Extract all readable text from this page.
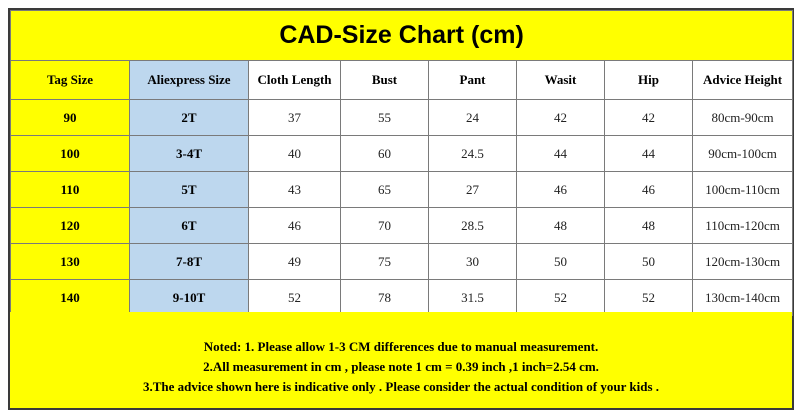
CAD-Size Chart (cm)							
Tag Size	Aliexpress Size	Cloth Length	Bust	Pant	Wasit	Hip	Advice Height
90	2T	37	55	24	42	42	80cm-90cm
100	3-4T	40	60	24.5	44	44	90cm-100cm
110	5T	43	65	27	46	46	100cm-110cm
120	6T	46	70	28.5	48	48	110cm-120cm
130	7-8T	49	75	30	50	50	120cm-130cm
140	9-10T	52	78	31.5	52	52	130cm-140cm
Noted: 1. Please allow 1-3 CM differences due to manual measurement.
2.All measurement in cm , please note 1 cm = 0.39 inch ,1 inch=2.54 cm.
3.The advice shown here is indicative only . Please consider the actual condition of your kids .
